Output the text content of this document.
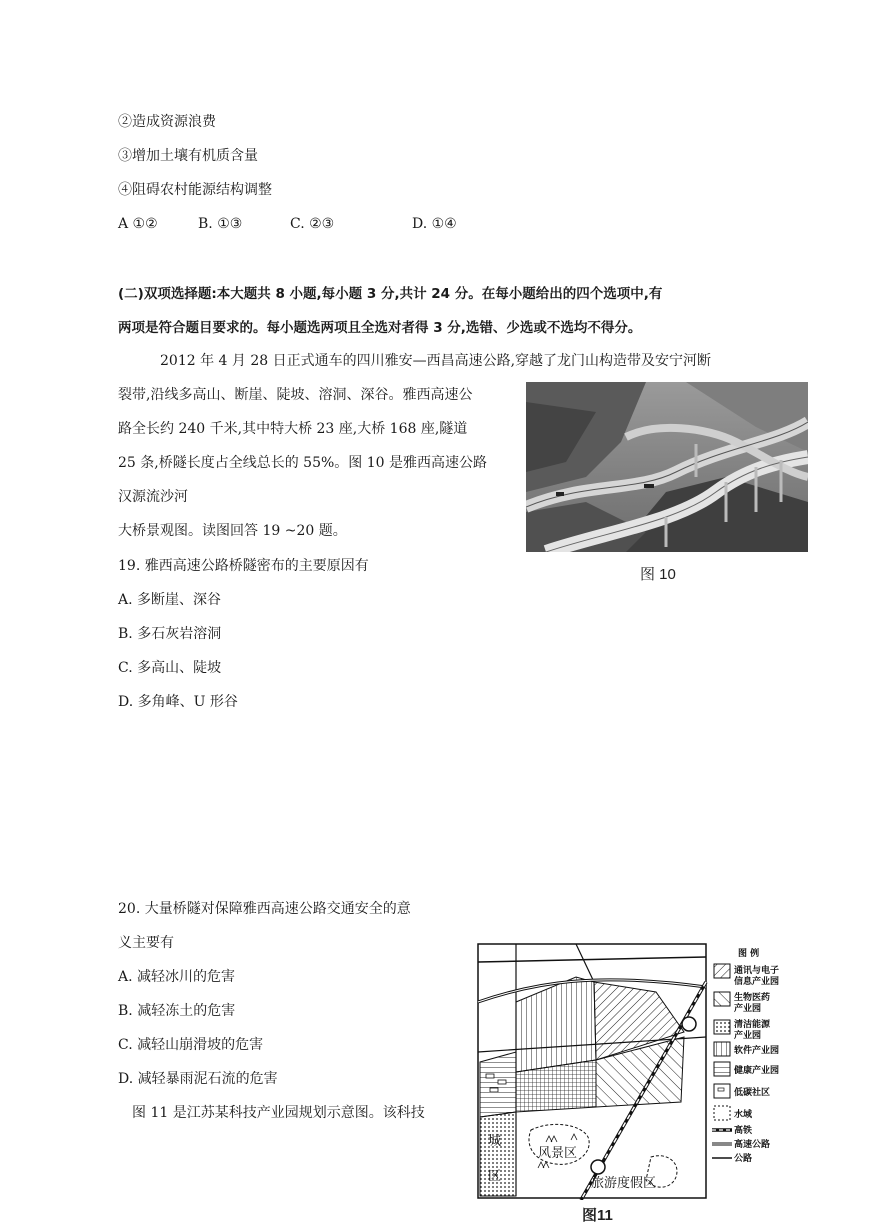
②造成资源浪费
③增加土壤有机质含量
④阻碍农村能源结构调整
A ①②	B. ①③	C. ②③	D. ①④
(二)双项选择题:本大题共 8 小题,每小题 3 分,共计 24 分。在每小题给出的四个选项中,有
两项是符合题目要求的。每小题选两项且全选对者得 3 分,选错、少选或不选均不得分。
2012 年 4 月 28 日正式通车的四川雅安—西昌高速公路,穿越了龙门山构造带及安宁河断
裂带,沿线多高山、断崖、陡坡、溶洞、深谷。雅西高速公
路全长约 240 千米,其中特大桥 23 座,大桥 168 座,隧道
25 条,桥隧长度占全线总长的 55%。图 10 是雅西高速公路
汉源流沙河
大桥景观图。读图回答 19 ~20 题。
图 10
19. 雅西高速公路桥隧密布的主要原因有
A. 多断崖、深谷
B. 多石灰岩溶洞
C. 多高山、陡坡
D. 多角峰、U 形谷
20. 大量桥隧对保障雅西高速公路交通安全的意
义主要有
A. 减轻冰川的危害
B. 减轻冻土的危害
C. 减轻山崩滑坡的危害
D. 减轻暴雨泥石流的危害
图 11 是江苏某科技产业园规划示意图。该科技
城
区
风景区
旅游度假区
图 例
通讯与电子
信息产业园
生物医药
产业园
清洁能源
产业园
软件产业园
健康产业园
低碳社区
水域
高铁
高速公路
公路
图11
